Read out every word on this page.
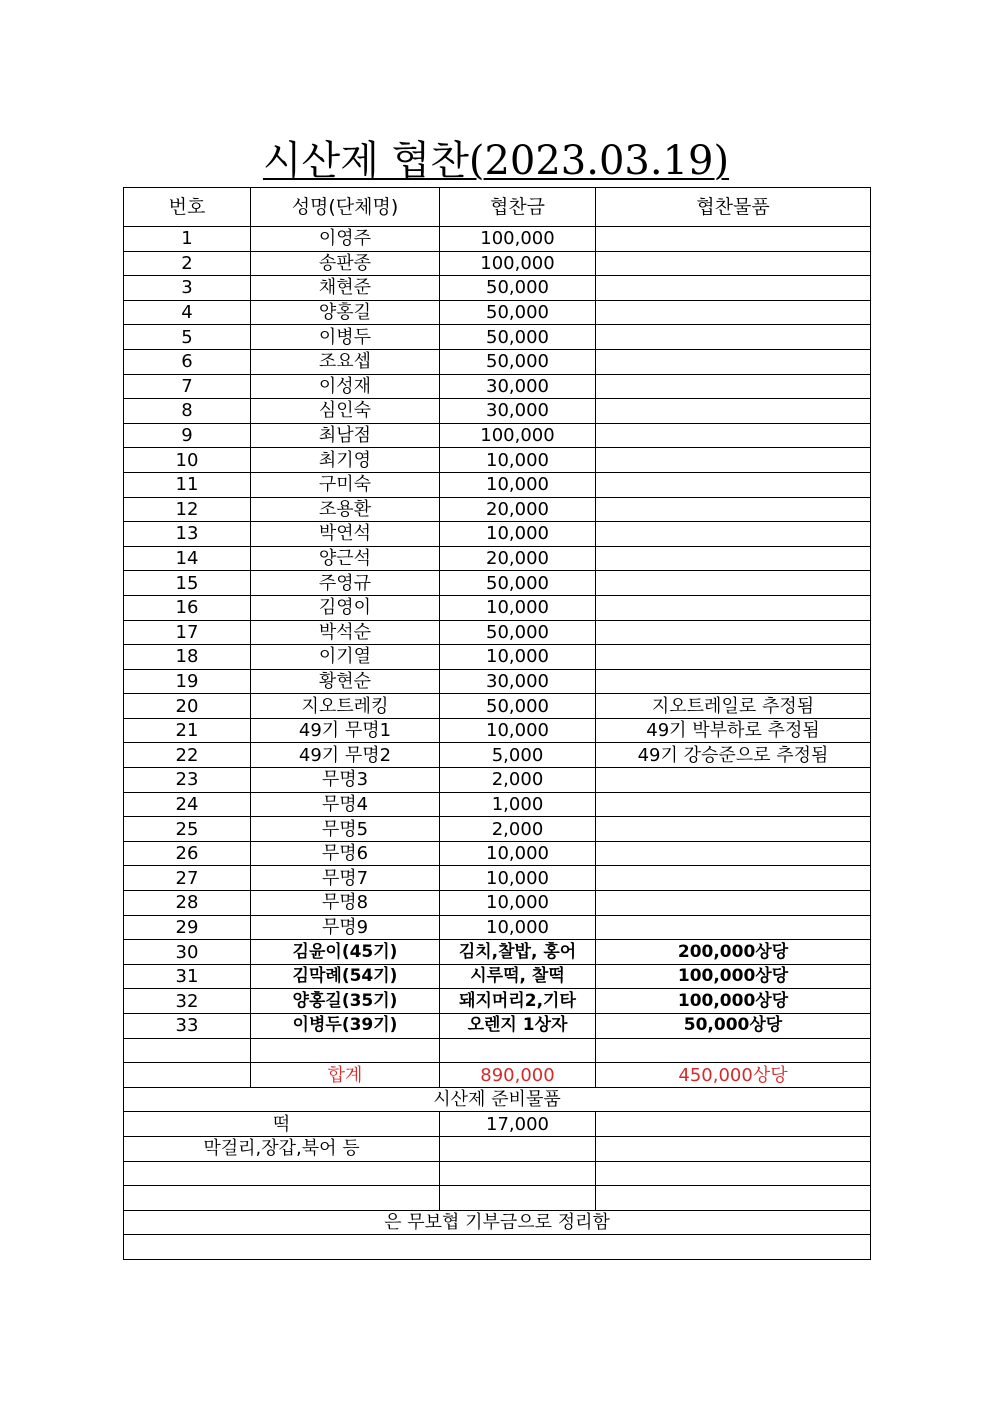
시산제 협찬(2023.03.19)
번호	성명(단체명)	협찬금	협찬물품
1	이영주	100,000	
2	송판종	100,000	
3	채현준	50,000	
4	양홍길	50,000	
5	이병두	50,000	
6	조요셉	50,000	
7	이성재	30,000	
8	심인숙	30,000	
9	최남점	100,000	
10	최기영	10,000	
11	구미숙	10,000	
12	조용환	20,000	
13	박연석	10,000	
14	양근석	20,000	
15	주영규	50,000	
16	김영이	10,000	
17	박석순	50,000	
18	이기열	10,000	
19	황현순	30,000	
20	지오트레킹	50,000	지오트레일로 추정됨
21	49기 무명1	10,000	49기 박부하로 추정됨
22	49기 무명2	5,000	49기 강승준으로 추정됨
23	무명3	2,000	
24	무명4	1,000	
25	무명5	2,000	
26	무명6	10,000	
27	무명7	10,000	
28	무명8	10,000	
29	무명9	10,000	
30	김윤이(45기)	김치,찰밥, 홍어	200,000상당
31	김막례(54기)	시루떡, 찰떡	100,000상당
32	양홍길(35기)	돼지머리2,기타	100,000상당
33	이병두(39기)	오렌지 1상자	50,000상당

	합계	890,000	450,000상당
시산제 준비물품			
떡		17,000	
막걸리,장갑,북어 등			

은 무보협 기부금으로 정리함			
